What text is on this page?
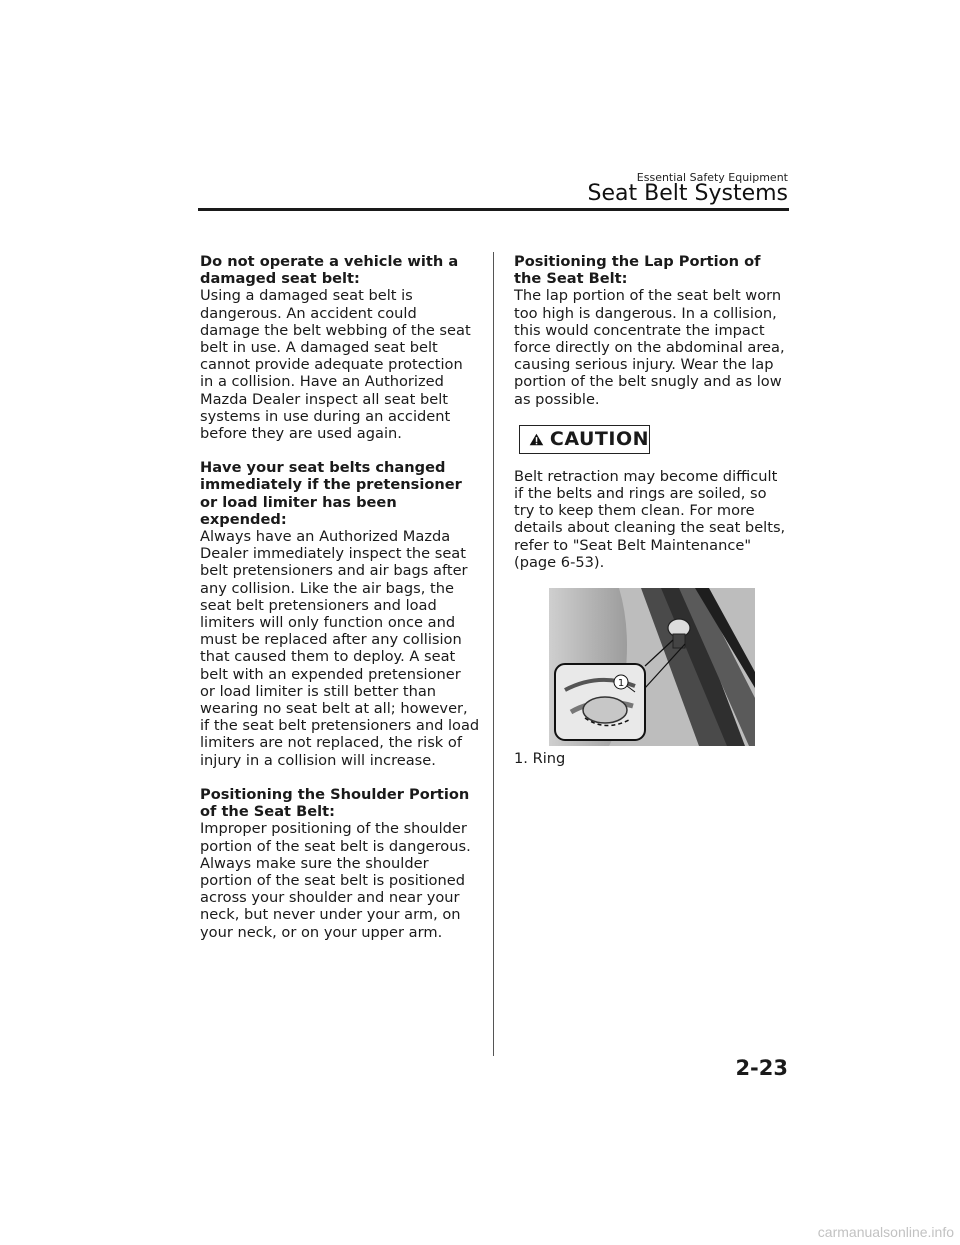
Essential Safety Equipment
Seat Belt Systems
Do not operate a vehicle with a damaged seat belt:
Using a damaged seat belt is dangerous. An accident could damage the belt webbing of the seat belt in use. A damaged seat belt cannot provide adequate protection in a collision. Have an Authorized Mazda Dealer inspect all seat belt systems in use during an accident before they are used again.
Have your seat belts changed immediately if the pretensioner or load limiter has been expended:
Always have an Authorized Mazda Dealer immediately inspect the seat belt pretensioners and air bags after any collision. Like the air bags, the seat belt pretensioners and load limiters will only function once and must be replaced after any collision that caused them to deploy. A seat belt with an expended pretensioner or load limiter is still better than wearing no seat belt at all; however, if the seat belt pretensioners and load limiters are not replaced, the risk of injury in a collision will increase.
Positioning the Shoulder Portion of the Seat Belt:
Improper positioning of the shoulder portion of the seat belt is dangerous. Always make sure the shoulder portion of the seat belt is positioned across your shoulder and near your neck, but never under your arm, on your neck, or on your upper arm.
Positioning the Lap Portion of the Seat Belt:
The lap portion of the seat belt worn too high is dangerous. In a collision, this would concentrate the impact force directly on the abdominal area, causing serious injury. Wear the lap portion of the belt snugly and as low as possible.
CAUTION
Belt retraction may become difficult if the belts and rings are soiled, so try to keep them clean. For more details about cleaning the seat belts, refer to "Seat Belt Maintenance" (page 6-53).
1
1. Ring
2-23
carmanualsonline.info
